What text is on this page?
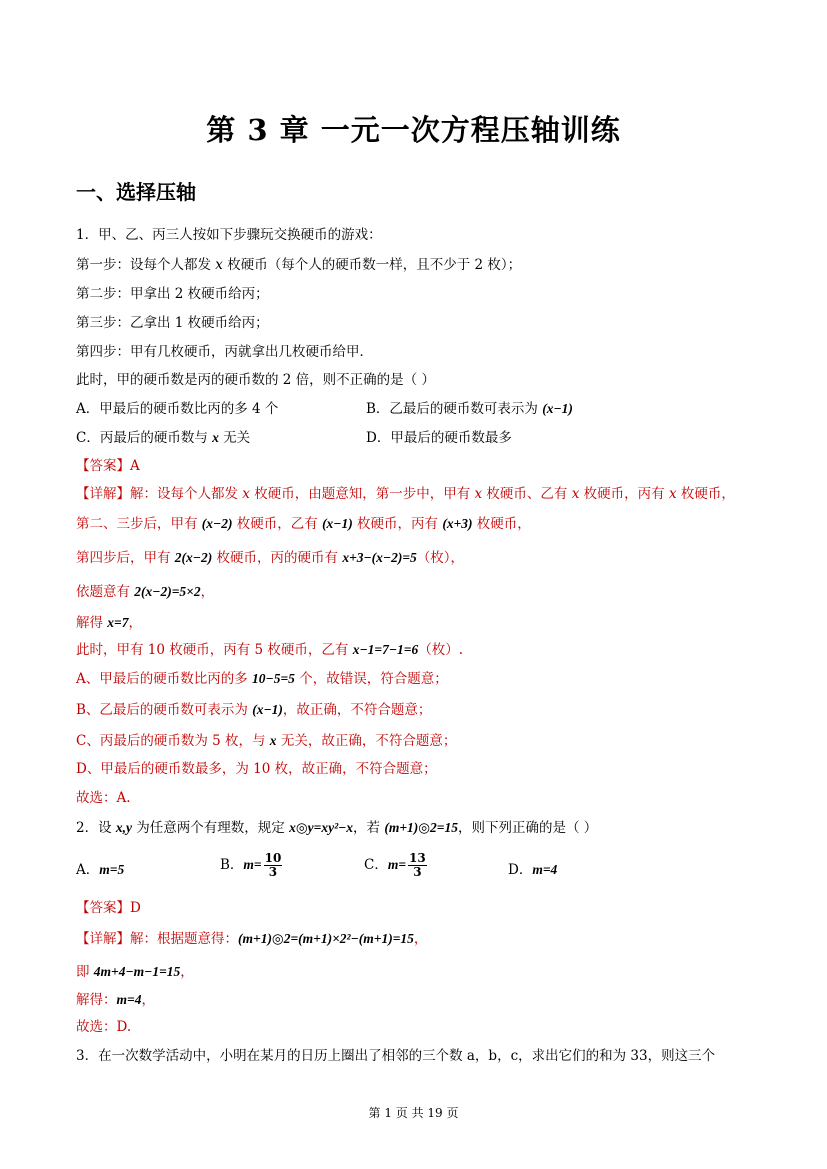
第 3 章 一元一次方程压轴训练
一、选择压轴
1．甲、乙、丙三人按如下步骤玩交换硬币的游戏：
第一步：设每个人都发 x 枚硬币（每个人的硬币数一样，且不少于 2 枚）；
第二步：甲拿出 2 枚硬币给丙；
第三步：乙拿出 1 枚硬币给丙；
第四步：甲有几枚硬币，丙就拿出几枚硬币给甲．
此时，甲的硬币数是丙的硬币数的 2 倍，则不正确的是（ ）
A．甲最后的硬币数比丙的多 4 个	B．乙最后的硬币数可表示为 (x−1)
C．丙最后的硬币数与 x 无关	D．甲最后的硬币数最多
【答案】A
【详解】解：设每个人都发 x 枚硬币，由题意知，第一步中，甲有 x 枚硬币、乙有 x 枚硬币，丙有 x 枚硬币，
第二、三步后，甲有 (x−2) 枚硬币，乙有 (x−1) 枚硬币，丙有 (x+3) 枚硬币，
第四步后，甲有 2(x−2) 枚硬币，丙的硬币有 x+3−(x−2)=5（枚），
依题意有 2(x−2)=5×2，
解得 x=7，
此时，甲有 10 枚硬币，丙有 5 枚硬币，乙有 x−1=7−1=6（枚）.
A、甲最后的硬币数比丙的多 10−5=5 个，故错误，符合题意；
B、乙最后的硬币数可表示为 (x−1)，故正确，不符合题意；
C、丙最后的硬币数为 5 枚，与 x 无关，故正确，不符合题意；
D、甲最后的硬币数最多，为 10 枚，故正确，不符合题意；
故选：A.
2．设 x,y 为任意两个有理数，规定 x◎y=xy²−x，若 (m+1)◎2=15，则下列正确的是（ ）
A．m=5	B．$m= \frac{10}{3}$	C．$m= \frac{13}{3}$	D．m=4
【答案】D
【详解】解：根据题意得：(m+1)◎2=(m+1)×2²−(m+1)=15，
即 4m+4−m−1=15，
解得：m=4，
故选：D.
3．在一次数学活动中，小明在某月的日历上圈出了相邻的三个数 a，b，c，求出它们的和为 33，则这三个
第 1 页 共 19 页
